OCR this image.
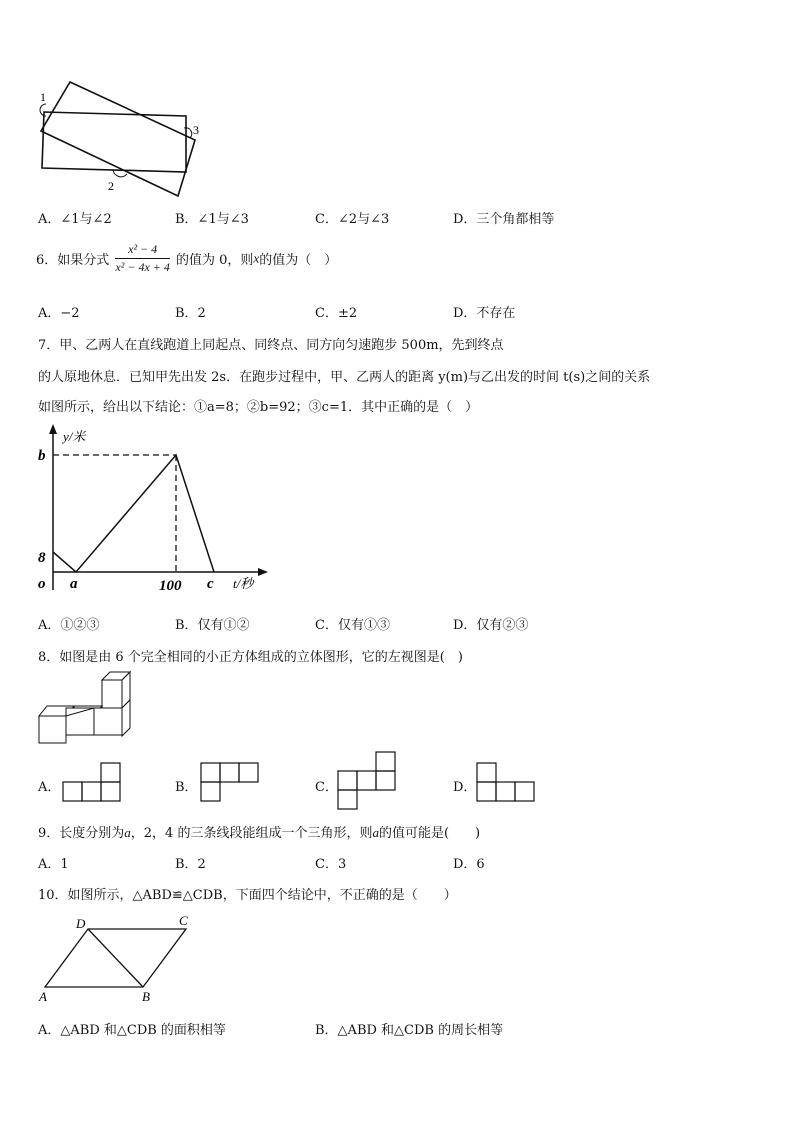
1
2
3
A．∠1与∠2	B．∠1与∠3	C．∠2与∠3	D．三个角都相等
6．如果分式 $\frac{\text{x² − 4}}{\text{x² − 4x + 4}}$ 的值为 0，则x的值为（　）
A．−2	B．2	C．±2	D．不存在
7．甲、乙两人在直线跑道上同起点、同终点、同方向匀速跑步 500m，先到终点
的人原地休息．已知甲先出发 2s．在跑步过程中，甲、乙两人的距离 y(m)与乙出发的时间 t(s)之间的关系
如图所示，给出以下结论：①a=8；②b=92；③c=1．其中正确的是（　）
y/米
b
8
o a	100 c t/秒
A．①②③	B．仅有①②	C．仅有①③	D．仅有②③
8．如图是由 6 个完全相同的小正方体组成的立体图形，它的左视图是(　)
A．	B．	C．	D．
9．长度分别为a，2，4 的三条线段能组成一个三角形，则a的值可能是(　　)
A．1	B．2	C．3	D．6
10．如图所示，△ABD≌△CDB，下面四个结论中，不正确的是（　　）
D	C
A	B
A．△ABD 和△CDB 的面积相等	B．△ABD 和△CDB 的周长相等
